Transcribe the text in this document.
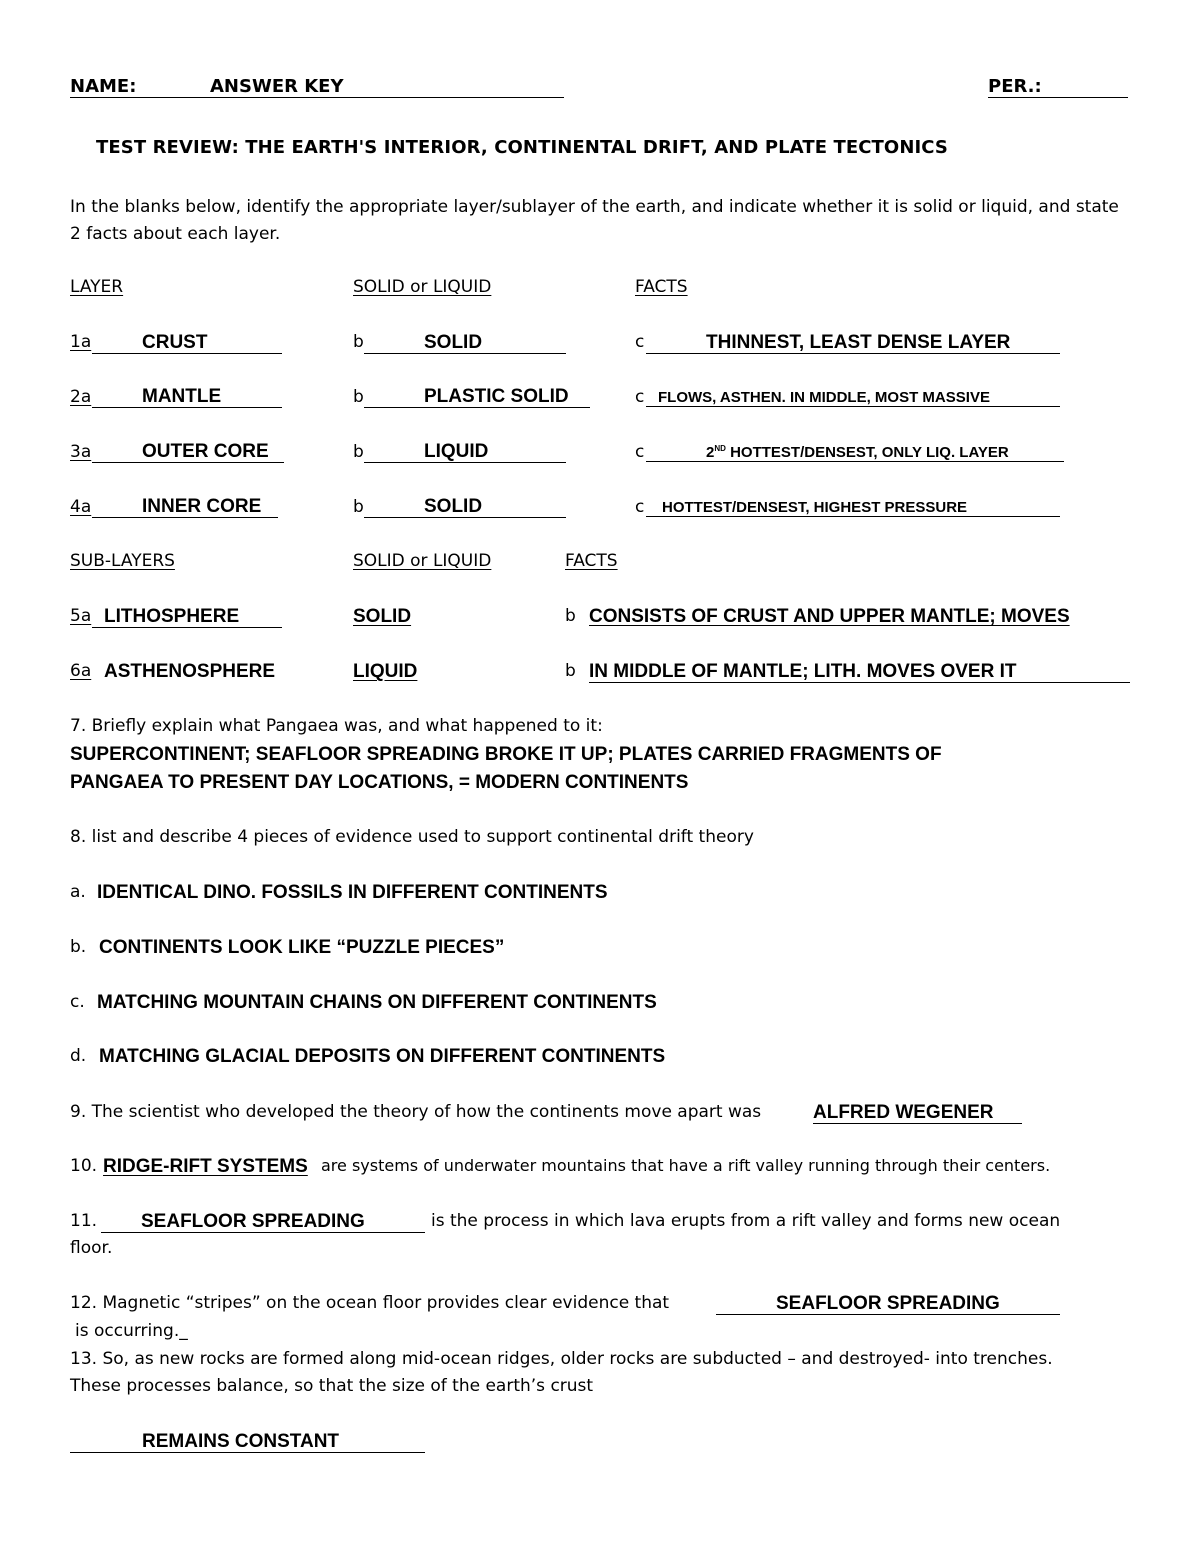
NAME:	ANSWER KEY	PER.:
TEST REVIEW: THE EARTH'S INTERIOR, CONTINENTAL DRIFT, AND PLATE TECTONICS
In the blanks below, identify the appropriate layer/sublayer of the earth, and indicate whether it is solid or liquid, and state 2 facts about each layer.
LAYER	SOLID or LIQUID	FACTS
1a	CRUST	b	SOLID	c	THINNEST, LEAST DENSE LAYER
2a	MANTLE	b	PLASTIC SOLID	c FLOWS, ASTHEN. IN MIDDLE, MOST MASSIVE
3a	OUTER CORE	b	LIQUID	c	2ND HOTTEST/DENSEST, ONLY LIQ. LAYER
4a	INNER CORE	b	SOLID	c	HOTTEST/DENSEST, HIGHEST PRESSURE
SUB-LAYERS	SOLID or LIQUID	FACTS
5a LITHOSPHERE	SOLID	b CONSISTS OF CRUST AND UPPER MANTLE; MOVES
6a ASTHENOSPHERE	LIQUID	b IN MIDDLE OF MANTLE; LITH. MOVES OVER IT
7. Briefly explain what Pangaea was, and what happened to it:
SUPERCONTINENT; SEAFLOOR SPREADING BROKE IT UP; PLATES CARRIED FRAGMENTS OF
PANGAEA TO PRESENT DAY LOCATIONS, = MODERN CONTINENTS
8. list and describe 4 pieces of evidence used to support continental drift theory
a. IDENTICAL DINO. FOSSILS IN DIFFERENT CONTINENTS
b. CONTINENTS LOOK LIKE “PUZZLE PIECES”
c. MATCHING MOUNTAIN CHAINS ON DIFFERENT CONTINENTS
d. MATCHING GLACIAL DEPOSITS ON DIFFERENT CONTINENTS
9. The scientist who developed the theory of how the continents move apart was	ALFRED WEGENER
10. RIDGE-RIFT SYSTEMS are systems of underwater mountains that have a rift valley running through their centers.
11.	SEAFLOOR SPREADING	is the process in which lava erupts from a rift valley and forms new ocean
floor.
12. Magnetic “stripes” on the ocean floor provides clear evidence that	SEAFLOOR SPREADING
is occurring._
13. So, as new rocks are formed along mid-ocean ridges, older rocks are subducted – and destroyed- into trenches.
These processes balance, so that the size of the earth’s crust
REMAINS CONSTANT
